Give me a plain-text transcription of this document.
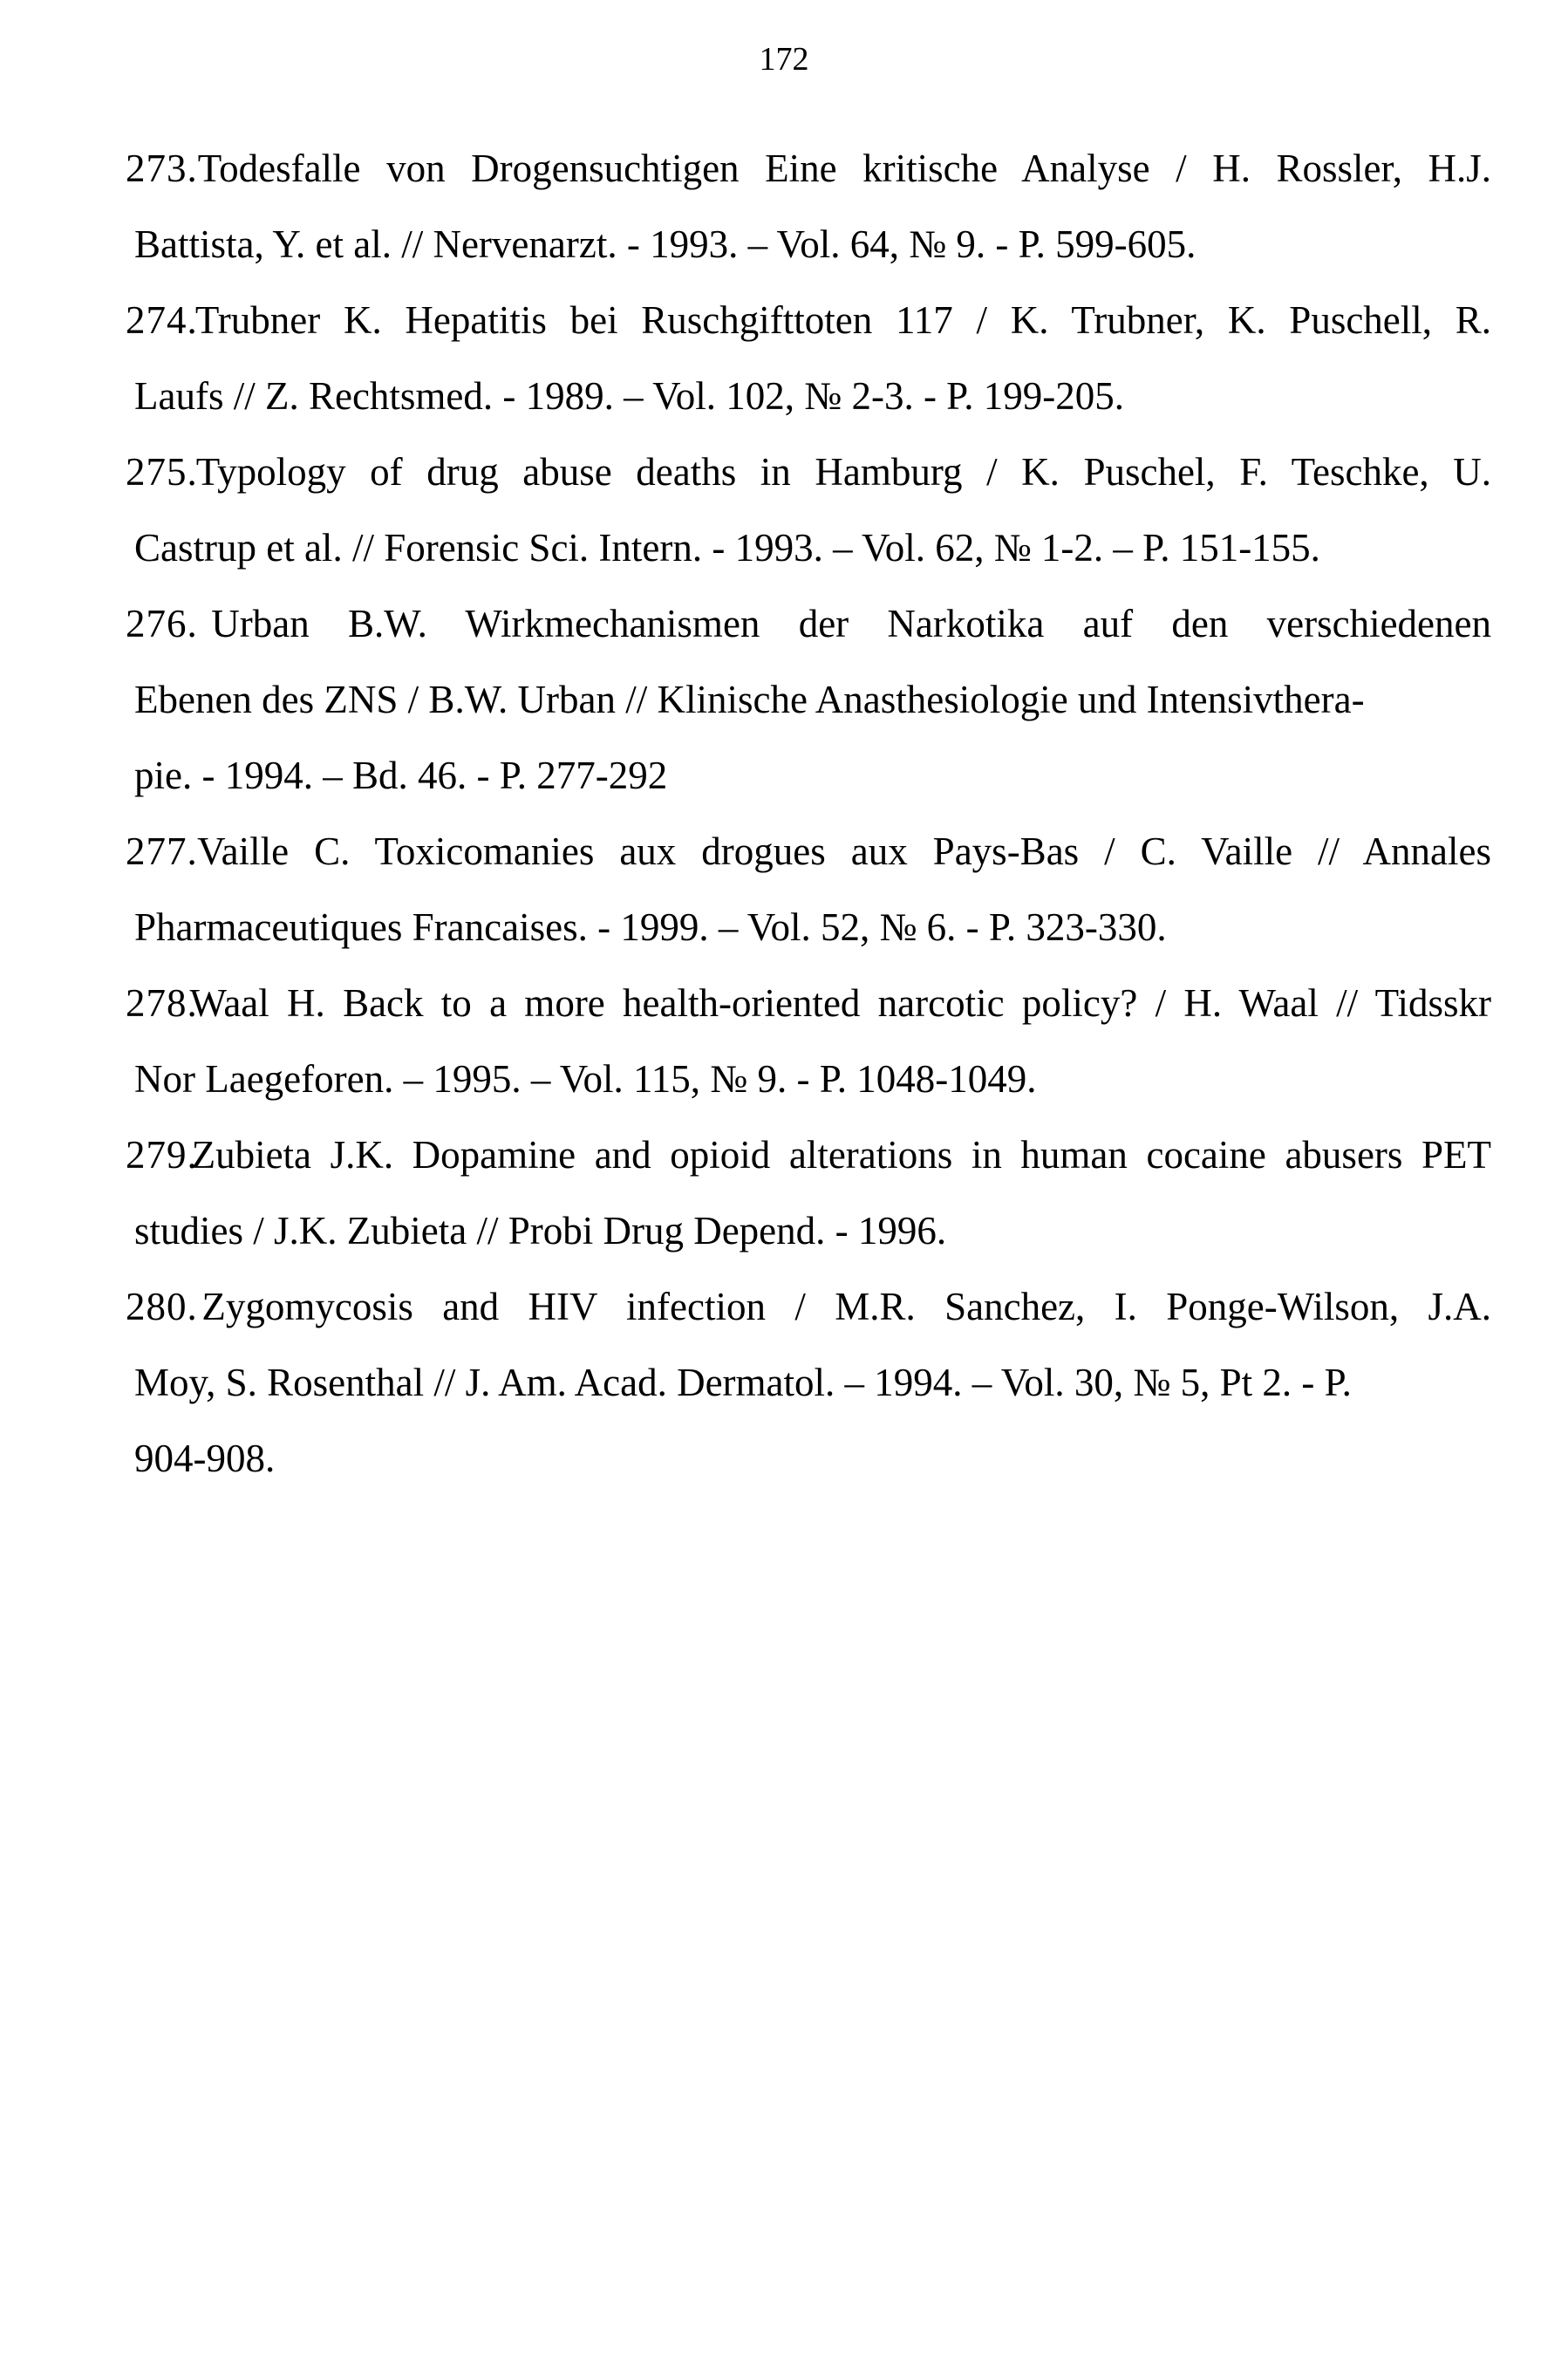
172
273. Todesfalle von Drogensuchtigen Eine kritische Analyse / H. Rossler, H.J.
Battista, Y. et al. // Nervenarzt. - 1993. – Vol. 64, № 9. - P. 599-605.
274. Trubner K. Hepatitis bei Ruschgifttoten 117 / K. Trubner, K. Puschell, R.
Laufs // Z. Rechtsmed. - 1989. – Vol. 102, № 2-3. - P. 199-205.
275. Typology of drug abuse deaths in Hamburg / K. Puschel, F. Teschke, U.
Castrup et al. // Forensic Sci. Intern. - 1993. – Vol. 62, № 1-2. – P. 151-155.
276. Urban B.W. Wirkmechanismen der Narkotika auf den verschiedenen
Ebenen des ZNS / B.W. Urban // Klinische Anasthesiologie und Intensivthera-
pie. - 1994. – Bd. 46. - P. 277-292
277. Vaille C. Toxicomanies aux drogues aux Pays-Bas / C. Vaille // Annales
Pharmaceutiques Francaises. - 1999. – Vol. 52, № 6. - P. 323-330.
278. Waal H. Back to a more health-oriented narcotic policy? / H. Waal // Tidsskr
Nor Laegeforen. – 1995. – Vol. 115, № 9. - P. 1048-1049.
279. Zubieta J.K. Dopamine and opioid alterations in human cocaine abusers PET
studies / J.K. Zubieta // Probi Drug Depend. - 1996.
280. Zygomycosis and HIV infection / M.R. Sanchez, I. Ponge-Wilson, J.A.
Moy, S. Rosenthal // J. Am. Acad. Dermatol. – 1994. – Vol. 30, № 5, Pt 2. - P.
904-908.
